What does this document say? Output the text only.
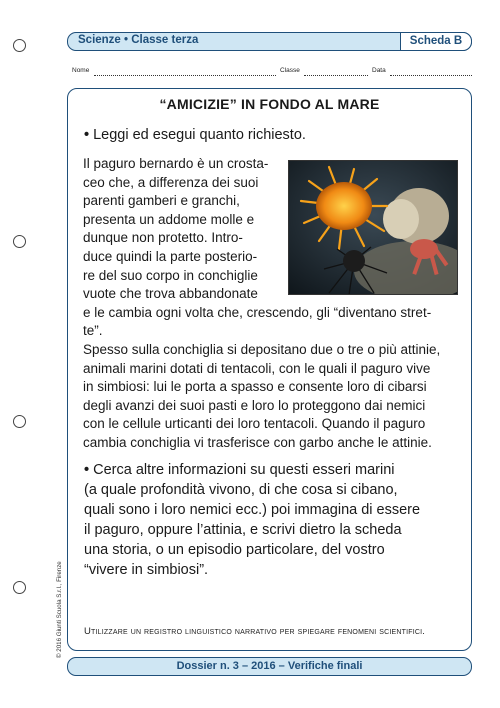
Scienze • Classe terza	Scheda B
Nome	Classe	Data
“AMICIZIE” IN FONDO AL MARE
• Leggi ed esegui quanto richiesto.
Il paguro bernardo è un crosta-
ceo che, a differenza dei suoi
parenti gamberi e granchi,
presenta un addome molle e
dunque non protetto. Intro-
duce quindi la parte posterio-
re del suo corpo in conchiglie
vuote che trova abbandonate
e le cambia ogni volta che, crescendo, gli “diventano stret-
te”.
Spesso sulla conchiglia si depositano due o tre o più attinie,
animali marini dotati di tentacoli, con le quali il paguro vive
in simbiosi: lui le porta a spasso e consente loro di cibarsi
degli avanzi dei suoi pasti e loro lo proteggono dai nemici
con le cellule urticanti dei loro tentacoli. Quando il paguro
cambia conchiglia vi trasferisce con garbo anche le attinie.
• Cerca altre informazioni su questi esseri marini
(a quale profondità vivono, di che cosa si cibano,
quali sono i loro nemici ecc.) poi immagina di essere
il paguro, oppure l’attinia, e scrivi dietro la scheda
una storia, o un episodio particolare, del vostro
“vivere in simbiosi”.
Utilizzare un registro linguistico narrativo per spiegare fenomeni scientifici.
© 2016 Giunti Scuola S.r.l., Firenze
Dossier n. 3 – 2016 – Verifiche finali
